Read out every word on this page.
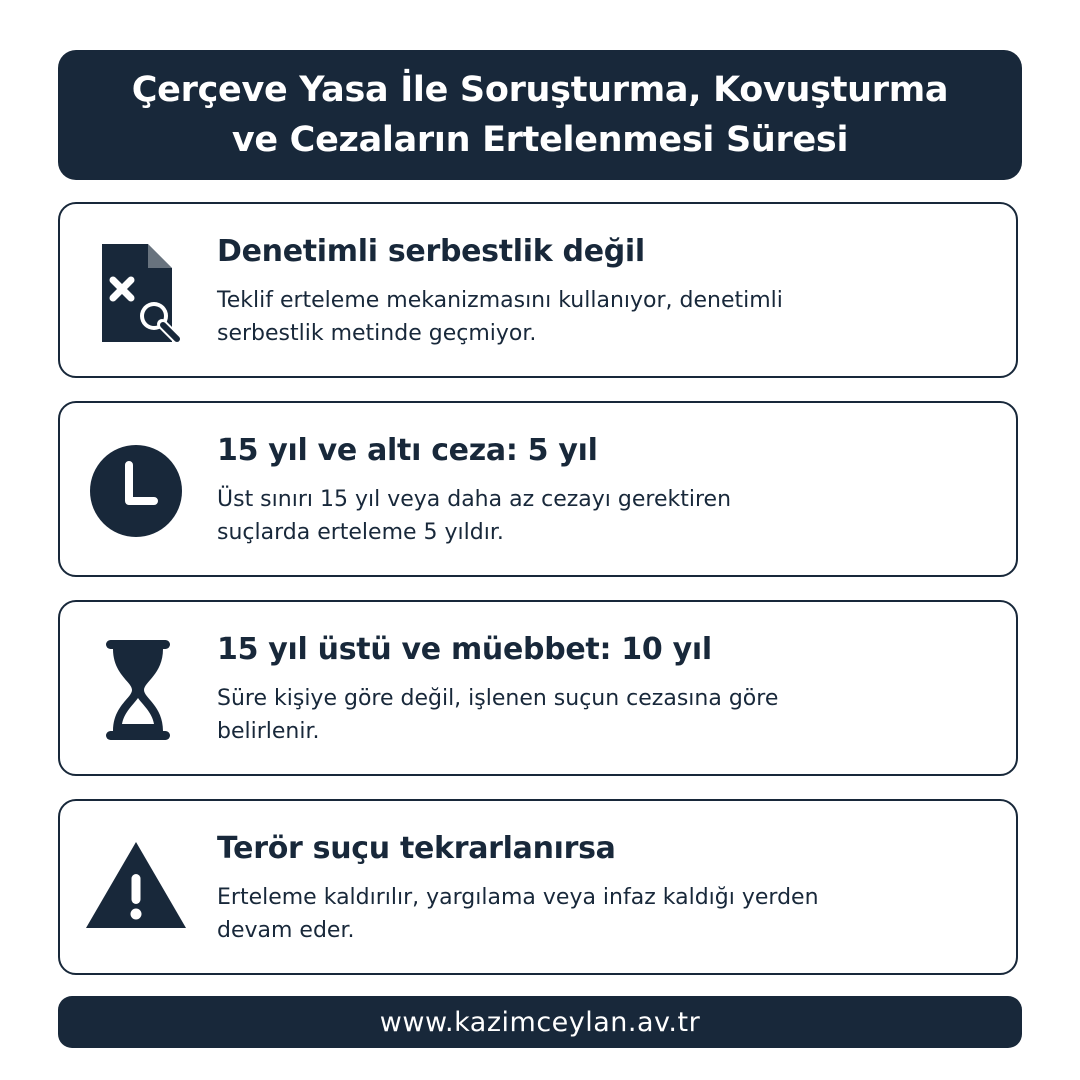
Çerçeve Yasa İle Soruşturma, Kovuşturma
ve Cezaların Ertelenmesi Süresi
Denetimli serbestlik değil
Teklif erteleme mekanizmasını kullanıyor, denetimli
serbestlik metinde geçmiyor.
15 yıl ve altı ceza: 5 yıl
Üst sınırı 15 yıl veya daha az cezayı gerektiren
suçlarda erteleme 5 yıldır.
15 yıl üstü ve müebbet: 10 yıl
Süre kişiye göre değil, işlenen suçun cezasına göre
belirlenir.
Terör suçu tekrarlanırsa
Erteleme kaldırılır, yargılama veya infaz kaldığı yerden
devam eder.
www.kazimceylan.av.tr
